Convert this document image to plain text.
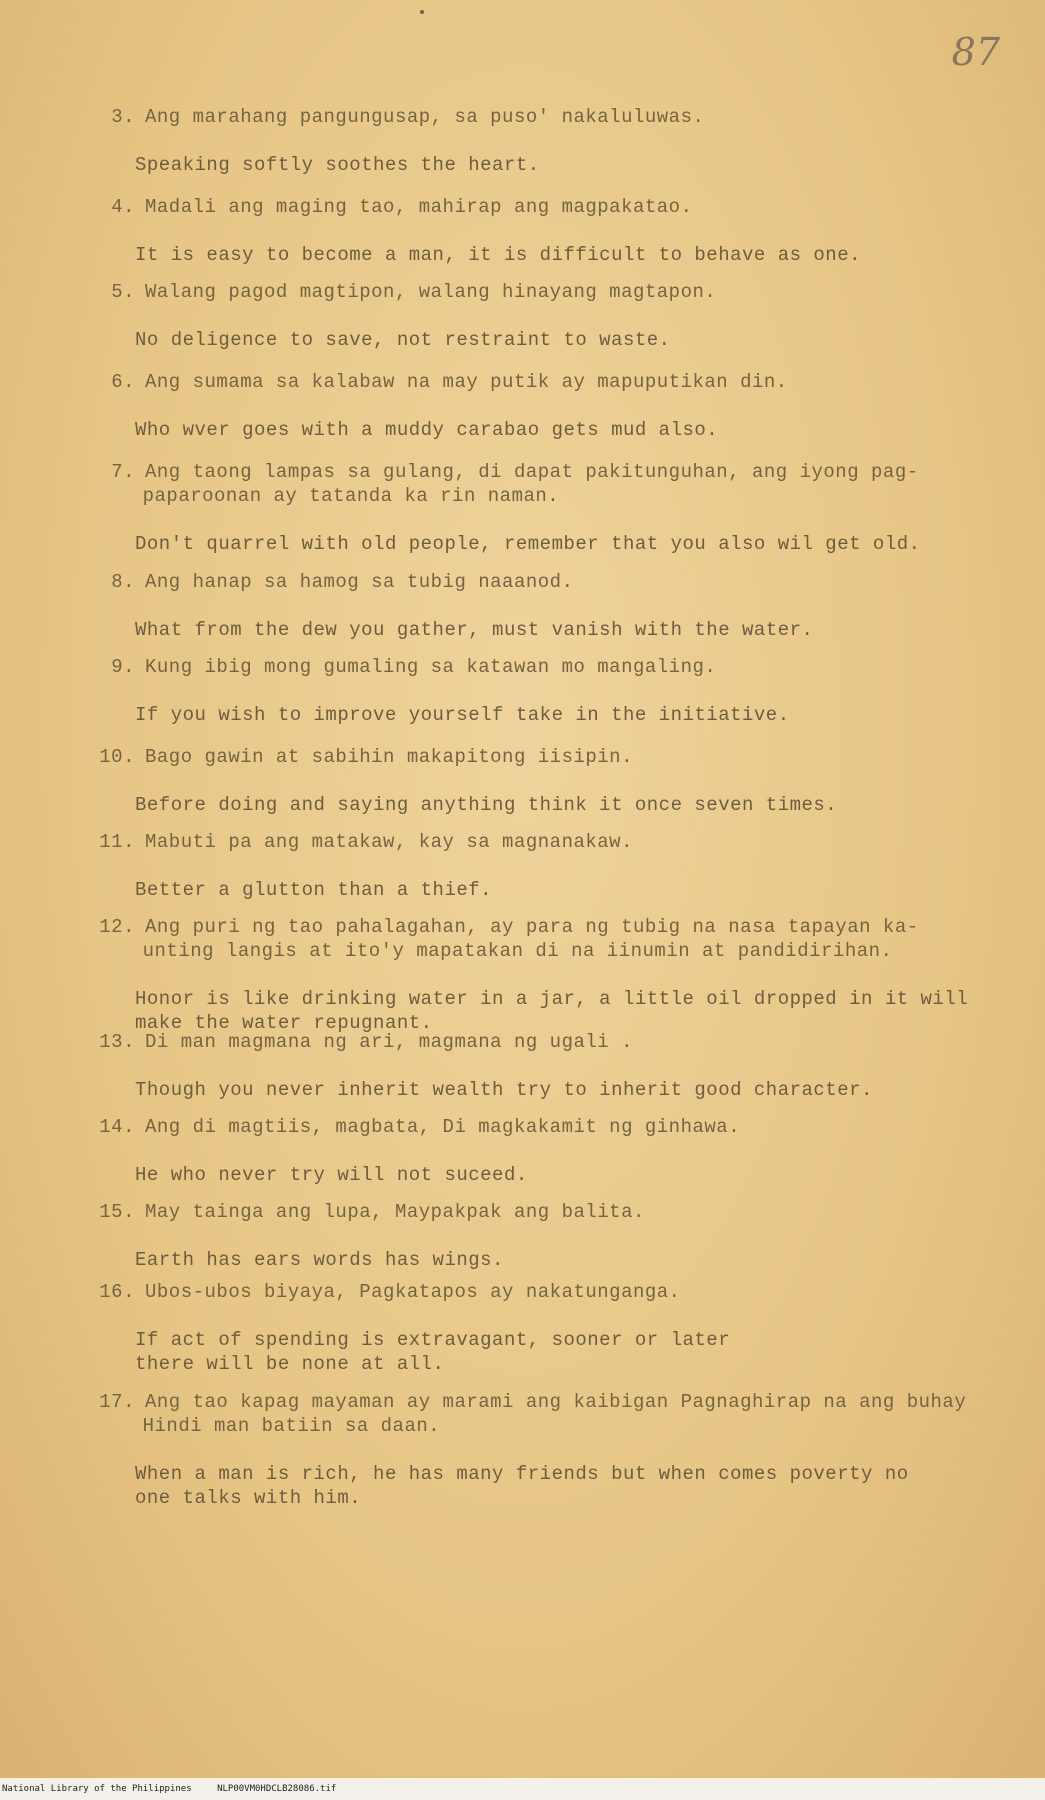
87
3. Ang marahang pangungusap, sa puso' nakaluluwas.
Speaking softly soothes the heart.
4. Madali ang maging tao, mahirap ang magpakatao.
It is easy to become a man, it is difficult to behave as one.
5. Walang pagod magtipon, walang hinayang magtapon.
No deligence to save, not restraint to waste.
6. Ang sumama sa kalabaw na may putik ay mapuputikan din.
Who wver goes with a muddy carabao gets mud also.
7. Ang taong lampas sa gulang, di dapat pakitunguhan, ang iyong pag-
paparoonan ay tatanda ka rin naman.
Don't quarrel with old people, remember that you also wil get old.
8. Ang hanap sa hamog sa tubig naaanod.
What from the dew you gather, must vanish with the water.
9. Kung ibig mong gumaling sa katawan mo mangaling.
If you wish to improve yourself take in the initiative.
10. Bago gawin at sabihin makapitong iisipin.
Before doing and saying anything think it once seven times.
11. Mabuti pa ang matakaw, kay sa magnanakaw.
Better a glutton than a thief.
12. Ang puri ng tao pahalagahan, ay para ng tubig na nasa tapayan ka-
unting langis at ito'y mapatakan di na iinumin at pandidirihan.
Honor is like drinking water in a jar, a little oil dropped in it will
make the water repugnant.
13. Di man magmana ng ari, magmana ng ugali .
Though you never inherit wealth try to inherit good character.
14. Ang di magtiis, magbata, Di magkakamit ng ginhawa.
He who never try will not suceed.
15. May tainga ang lupa, Maypakpak ang balita.
Earth has ears words has wings.
16. Ubos-ubos biyaya, Pagkatapos ay nakatunganga.
If act of spending is extravagant, sooner or later
there will be none at all.
17. Ang tao kapag mayaman ay marami ang kaibigan Pagnaghirap na ang buhay
Hindi man batiin sa daan.
When a man is rich, he has many friends but when comes poverty no
one talks with him.
National Library of the Philippines	NLP00VM0HDCLB28086.tif
